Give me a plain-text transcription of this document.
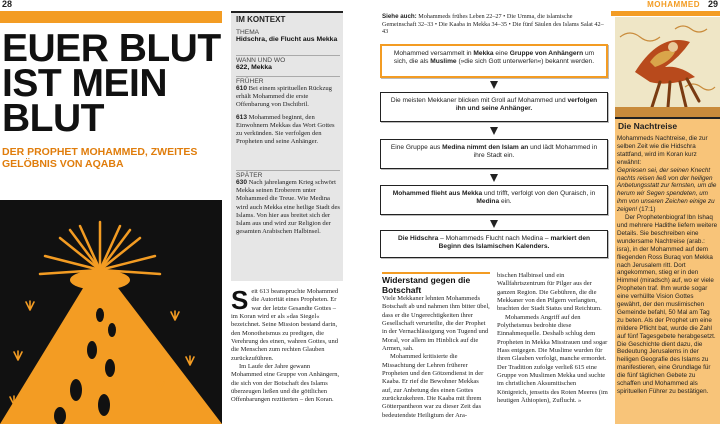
28	MOHAMMED 29
EUER BLUT
IST MEIN
BLUT
DER PROPHET MOHAMMED, ZWEITES GELÖBNIS VON AQABA
IM KONTEXT
THEMA
Hidschra, die Flucht aus Mekka
WANN UND WO
622, Mekka
FRÜHER
610 Bei einem spirituellen Rückzug erhält Mohammed die erste Offenbarung von Dschibril.
613 Mohammed beginnt, den Einwohnern Mekkas das Wort Gottes zu verkünden. Sie verfolgen den Propheten und seine Anhänger.
SPÄTER
630 Nach jahrelangem Krieg schwört Mekka seinen Eroberern unter Mohammed die Treue. Wie Medina wird auch Mekka eine heilige Stadt des Islams. Von hier aus breitet sich der Islam aus und wird zur Religion der gesamten Arabischen Halbinsel.
Seit 613 beanspruchte Mohammed die Autorität eines Propheten. Er war der letzte Gesandte Gottes – im Koran wird er als »das Siegel« bezeichnet. Seine Mission bestand darin, den Monotheismus zu predigen, die Verehrung des einen, wahren Gottes, und die Menschen zum rechten Glauben zurückzuführen.
Im Laufe der Jahre gewann Mohammed eine Gruppe von Anhängern, die sich von der Botschaft des Islams überzeugen ließen und die göttlichen Offenbarungen rezitierten – den Koran.
Siehe auch: Mohammeds frühes Leben 22–27 • Die Umma, die islamische Gemeinschaft 32–33 • Die Kaaba in Mekka 34–35 • Die fünf Säulen des Islams Salat 42–43
Mohammed versammelt in Mekka eine Gruppe von Anhängern um sich, die als Muslime (»die sich Gott unterwerfen«) bekannt werden.
Die meisten Mekkaner blicken mit Groll auf Mohammed und verfolgen ihn und seine Anhänger.
Eine Gruppe aus Medina nimmt den Islam an und lädt Mohammed in ihre Stadt ein.
Mohammed flieht aus Mekka und trifft, verfolgt von den Quraisch, in Medina ein.
Die Hidschra – Mohammeds Flucht nach Medina – markiert den Beginn des Islamischen Kalenders.
Widerstand gegen die Botschaft
Viele Mekkaner lehnten Mohammeds Botschaft ab und nahmen ihm bitter übel, dass er die Ungerechtigkeiten ihrer Gesellschaft verurteilte, die der Prophet in der Vernachlässigung von Tugend und Moral, vor allem im Hinblick auf die Armen, sah.
Mohammed kritisierte die Missachtung der Lehren früherer Propheten und den Götzendienst in der Kaaba. Er rief die Bewohner Mekkas auf, zur Anbetung des einen Gottes zurückzukehren. Die Kaaba mit ihrem Götterpantheon war zu dieser Zeit das bedeutendste Heiligtum der Ara-
bischen Halbinsel und ein Wallfahrtszentrum für Pilger aus der ganzen Region. Die Gebühren, die die Mekkaner von den Pilgern verlangten, brachten der Stadt Status und Reichtum.
Mohammeds Angriff auf den Polytheismus bedrohte diese Einnahmequelle. Deshalb schlug dem Propheten in Mekka Misstrauen und sogar Hass entgegen. Die Muslime wurden für ihren Glauben verfolgt, manche ermordet. Der Tradition zufolge verließ 615 eine Gruppe von Muslimen Mekka und suchte im christlichen Aksumitischen Königreich, jenseits des Roten Meeres (im heutigen Äthiopien), Zuflucht. »
Die Nachtreise
Mohammeds Nachtreise, die zur selben Zeit wie die Hidschra stattfand, wird im Koran kurz erwähnt:
Gepriesen sei, der seinen Knecht nachts reisen ließ von der heiligen Anbetungsstatt zur fernsten, um die herum wir Segen spendeten, um ihm von unseren Zeichen einige zu zeigen! (17:1)
Der Prophetenbiograf Ibn Ishaq und mehrere Hadithe liefern weitere Details. Sie beschreiben eine wundersame Nachtreise (arab.: isra), in der Mohammed auf dem fliegenden Ross Buraq von Mekka nach Jerusalem ritt. Dort angekommen, stieg er in den Himmel (miradsch) auf, wo er viele Propheten traf. Ihm wurde sogar eine verhüllte Vision Gottes gewährt, der den muslimischen Gemeinde befahl, 50 Mal am Tag zu beten. Als der Prophet um eine mildere Pflicht bat, wurde die Zahl auf fünf Tagesgebete herabgesetzt. Die Geschichte dient dazu, die Bedeutung Jerusalems in der heiligen Geografie des Islams zu manifestieren, eine Grundlage für die fünf täglichen Gebete zu schaffen und Mohammed als spirituellen Führer zu bestätigen.
